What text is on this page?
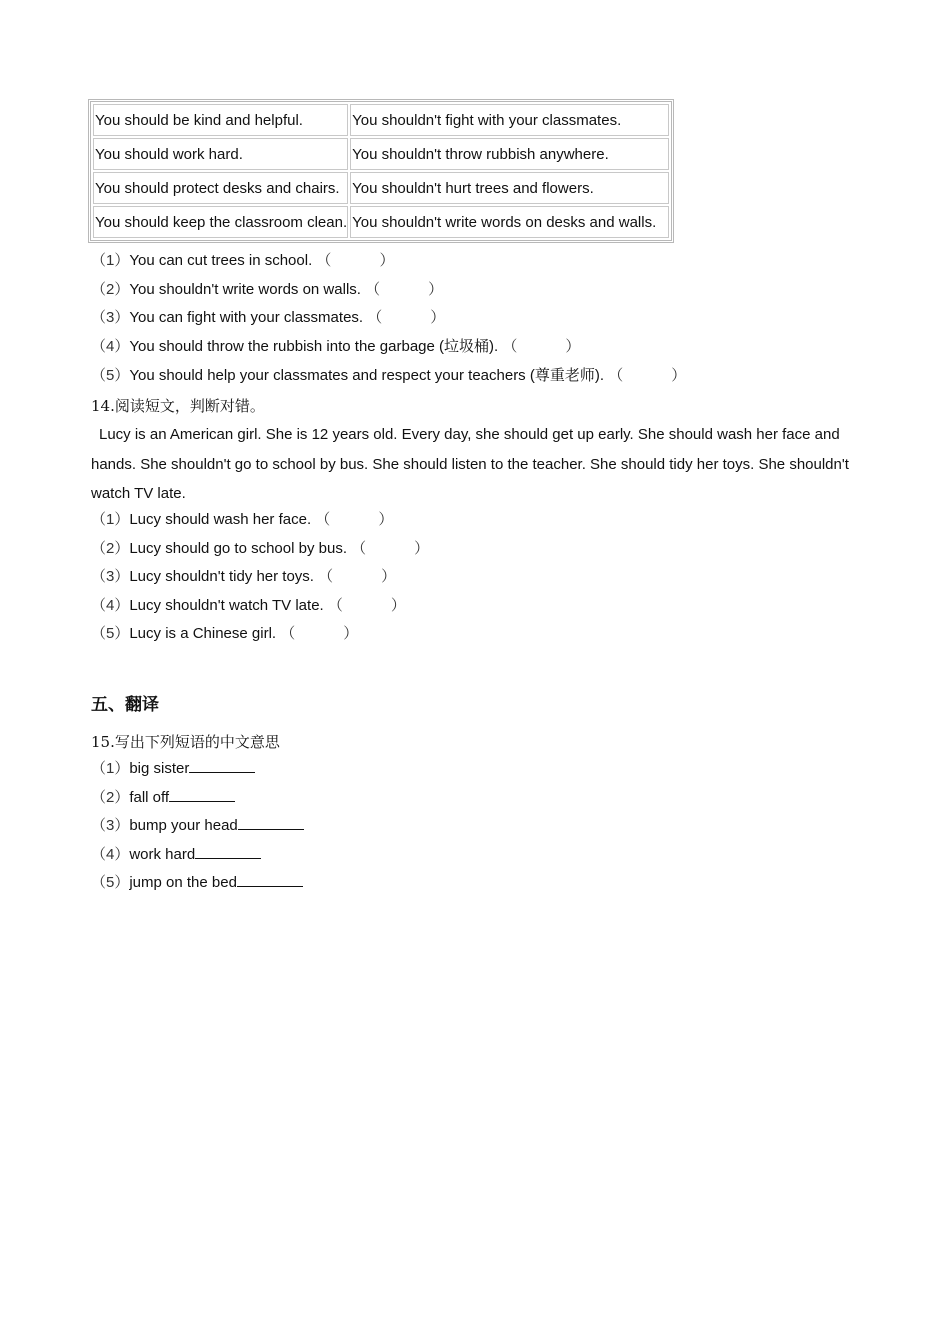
You should be kind and helpful.	You shouldn't fight with your classmates.
You should work hard.	You shouldn't throw rubbish anywhere.
You should protect desks and chairs.	You shouldn't hurt trees and flowers.
You should keep the classroom clean.	You shouldn't write words on desks and walls.
（1）You can cut trees in school. （	）
（2）You shouldn't write words on walls. （	）
（3）You can fight with your classmates. （	）
（4）You should throw the rubbish into the garbage (垃圾桶). （	）
（5）You should help your classmates and respect your teachers (尊重老师). （	）
14.阅读短文，判断对错。
Lucy is an American girl. She is 12 years old. Every day, she should get up early. She should wash her face and hands. She shouldn't go to school by bus. She should listen to the teacher. She should tidy her toys. She shouldn't watch TV late.
（1）Lucy should wash her face. （	）
（2）Lucy should go to school by bus. （	）
（3）Lucy shouldn't tidy her toys. （	）
（4）Lucy shouldn't watch TV late. （	）
（5）Lucy is a Chinese girl. （	）
五、翻译
15.写出下列短语的中文意思
（1）big sister
（2）fall off
（3）bump your head
（4）work hard
（5）jump on the bed
